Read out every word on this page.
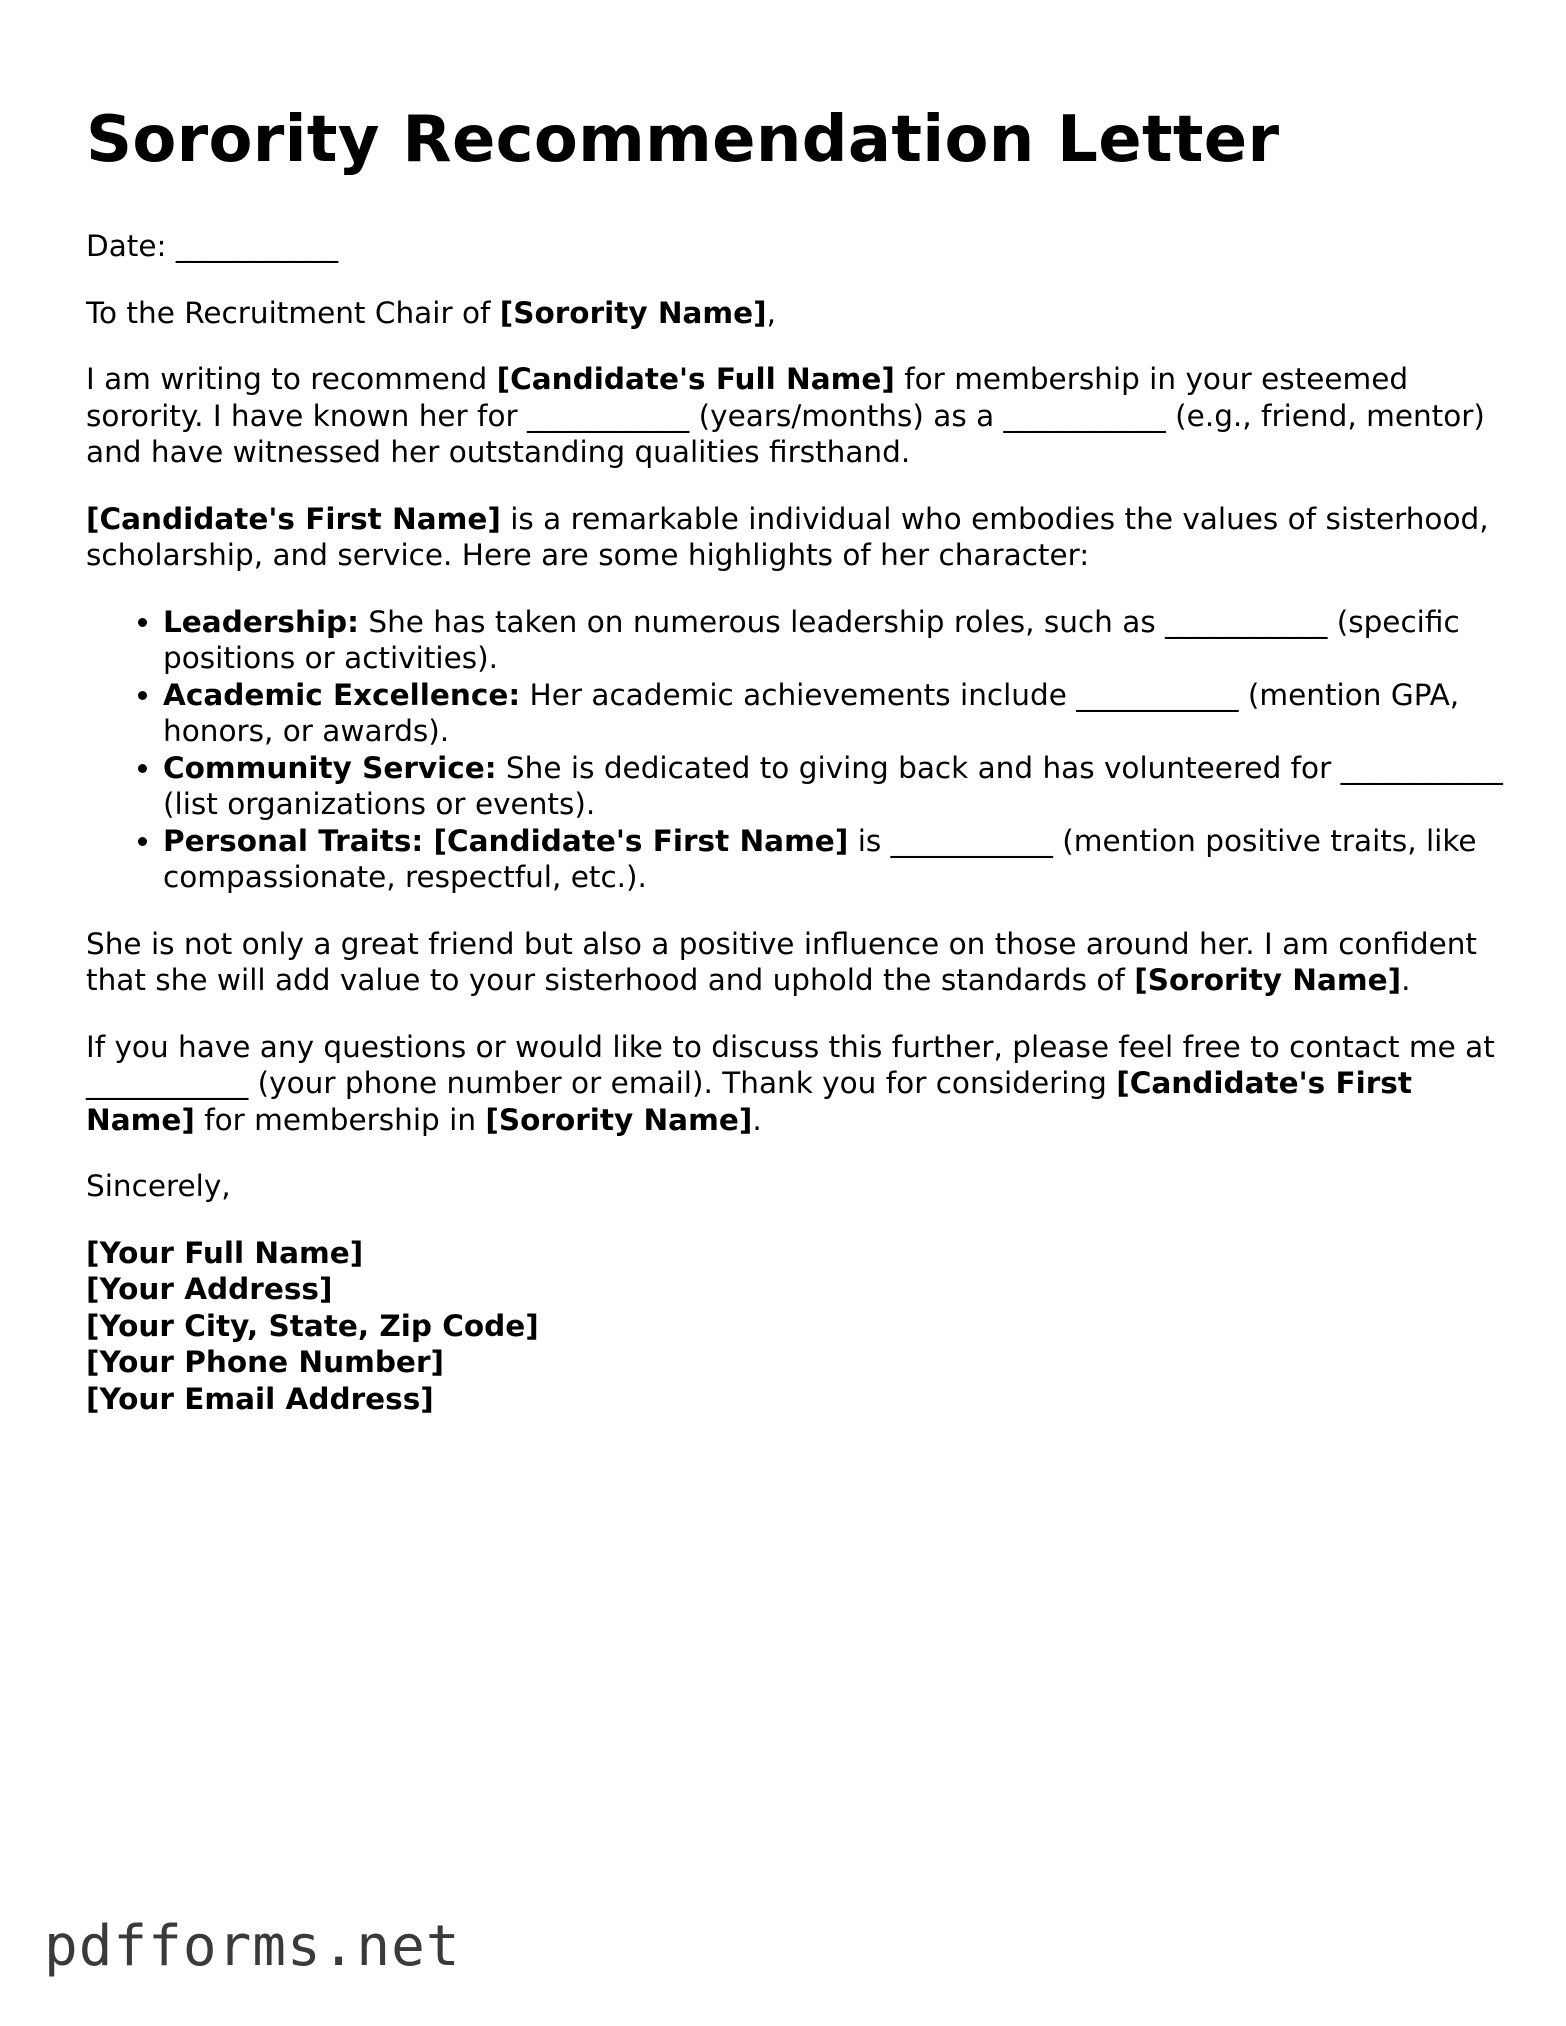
Sorority Recommendation Letter

Date: ___________

To the Recruitment Chair of [Sorority Name],

I am writing to recommend [Candidate's Full Name] for membership in your esteemed sorority. I have known her for ___________ (years/months) as a ___________ (e.g., friend, mentor) and have witnessed her outstanding qualities firsthand.

[Candidate's First Name] is a remarkable individual who embodies the values of sisterhood, scholarship, and service. Here are some highlights of her character:

• Leadership: She has taken on numerous leadership roles, such as ___________ (specific positions or activities).
• Academic Excellence: Her academic achievements include ___________ (mention GPA, honors, or awards).
• Community Service: She is dedicated to giving back and has volunteered for ___________ (list organizations or events).
• Personal Traits: [Candidate's First Name] is ___________ (mention positive traits, like compassionate, respectful, etc.).

She is not only a great friend but also a positive influence on those around her. I am confident that she will add value to your sisterhood and uphold the standards of [Sorority Name].

If you have any questions or would like to discuss this further, please feel free to contact me at ___________ (your phone number or email). Thank you for considering [Candidate's First Name] for membership in [Sorority Name].

Sincerely,

[Your Full Name]
[Your Address]
[Your City, State, Zip Code]
[Your Phone Number]
[Your Email Address]
pdfforms.net
